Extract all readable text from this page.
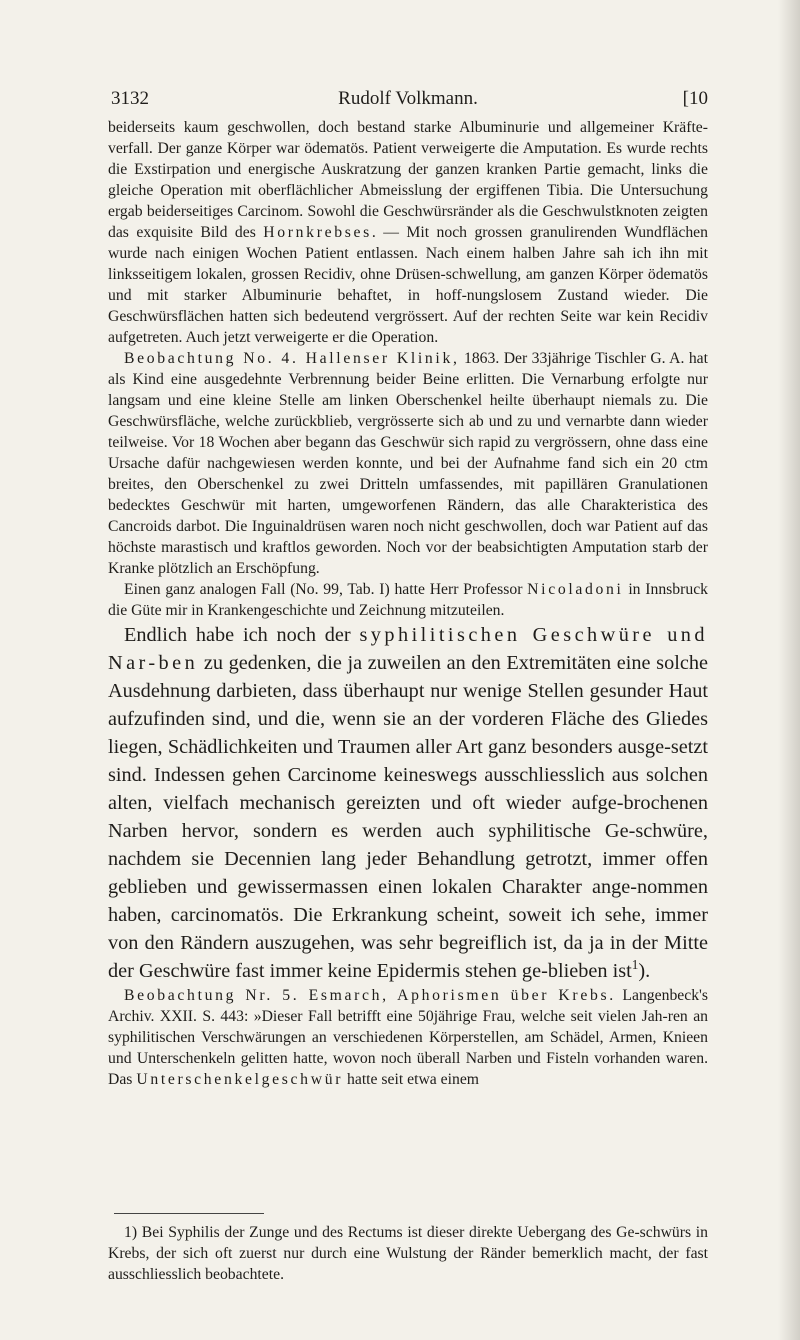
3132	Rudolf Volkmann.	[10

beiderseits kaum geschwollen, doch bestand starke Albuminurie und allgemeiner Kräfte-verfall. Der ganze Körper war ödematös. Patient verweigerte die Amputation. Es wurde rechts die Exstirpation und energische Auskratzung der ganzen kranken Partie gemacht, links die gleiche Operation mit oberflächlicher Abmeisslung der ergiffenen Tibia. Die Untersuchung ergab beiderseitiges Carcinom. Sowohl die Geschwürsränder als die Geschwulstknoten zeigten das exquisite Bild des Hornkrebses. — Mit noch grossen granulirenden Wundflächen wurde nach einigen Wochen Patient entlassen. Nach einem halben Jahre sah ich ihn mit linksseitigem lokalen, grossen Recidiv, ohne Drüsen-schwellung, am ganzen Körper ödematös und mit starker Albuminurie behaftet, in hoff-nungslosem Zustand wieder. Die Geschwürsflächen hatten sich bedeutend vergrössert. Auf der rechten Seite war kein Recidiv aufgetreten. Auch jetzt verweigerte er die Operation.

Beobachtung No. 4. Hallenser Klinik, 1863. Der 33jährige Tischler G. A. hat als Kind eine ausgedehnte Verbrennung beider Beine erlitten. Die Vernarbung erfolgte nur langsam und eine kleine Stelle am linken Oberschenkel heilte überhaupt niemals zu. Die Geschwürsfläche, welche zurückblieb, vergrösserte sich ab und zu und vernarbte dann wieder teilweise. Vor 18 Wochen aber begann das Geschwür sich rapid zu vergrössern, ohne dass eine Ursache dafür nachgewiesen werden konnte, und bei der Aufnahme fand sich ein 20 ctm breites, den Oberschenkel zu zwei Dritteln umfassendes, mit papillären Granulationen bedecktes Geschwür mit harten, umgeworfenen Rändern, das alle Charakteristica des Cancroids darbot. Die Inguinaldrüsen waren noch nicht geschwollen, doch war Patient auf das höchste marastisch und kraftlos geworden. Noch vor der beabsichtigten Amputation starb der Kranke plötzlich an Erschöpfung.

Einen ganz analogen Fall (No. 99, Tab. I) hatte Herr Professor Nicoladoni in Innsbruck die Güte mir in Krankengeschichte und Zeichnung mitzuteilen.

Endlich habe ich noch der syphilitischen Geschwüre und Nar-ben zu gedenken, die ja zuweilen an den Extremitäten eine solche Ausdehnung darbieten, dass überhaupt nur wenige Stellen gesunder Haut aufzufinden sind, und die, wenn sie an der vorderen Fläche des Gliedes liegen, Schädlichkeiten und Traumen aller Art ganz besonders ausge-setzt sind. Indessen gehen Carcinome keineswegs ausschliesslich aus solchen alten, vielfach mechanisch gereizten und oft wieder aufge-brochenen Narben hervor, sondern es werden auch syphilitische Ge-schwüre, nachdem sie Decennien lang jeder Behandlung getrotzt, immer offen geblieben und gewissermassen einen lokalen Charakter ange-nommen haben, carcinomatös. Die Erkrankung scheint, soweit ich sehe, immer von den Rändern auszugehen, was sehr begreiflich ist, da ja in der Mitte der Geschwüre fast immer keine Epidermis stehen ge-blieben ist$^1$).

Beobachtung Nr. 5. Esmarch, Aphorismen über Krebs. Langenbeck's Archiv. XXII. S. 443: »Dieser Fall betrifft eine 50jährige Frau, welche seit vielen Jah-ren an syphilitischen Verschwärungen an verschiedenen Körperstellen, am Schädel, Armen, Knieen und Unterschenkeln gelitten hatte, wovon noch überall Narben und Fisteln vorhanden waren. Das Unterschenkelgeschwür hatte seit etwa einem

1) Bei Syphilis der Zunge und des Rectums ist dieser direkte Uebergang des Ge-schwürs in Krebs, der sich oft zuerst nur durch eine Wulstung der Ränder bemerklich macht, der fast ausschliesslich beobachtete.
